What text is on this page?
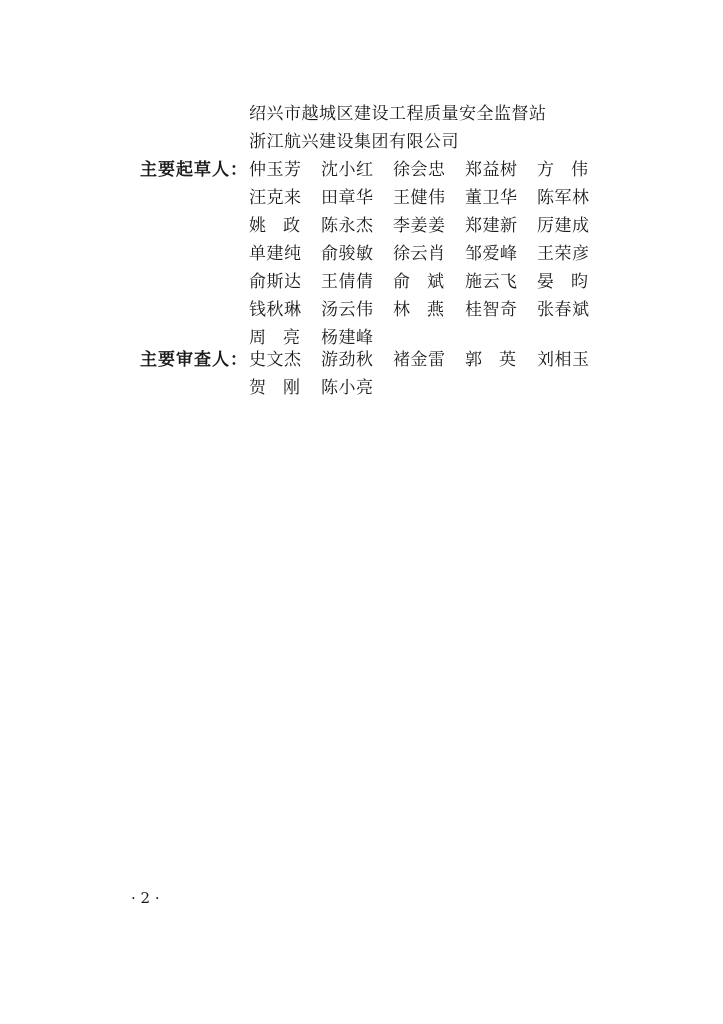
绍兴市越城区建设工程质量安全监督站
浙江航兴建设集团有限公司
主要起草人： 仲玉芳	沈小红	徐会忠	郑益树	方　伟
汪克来	田章华	王健伟	董卫华	陈军林
姚　政	陈永杰	李姜姜	郑建新	厉建成
单建纯	俞骏敏	徐云肖	邹爱峰	王荣彦
俞斯达	王倩倩	俞　斌	施云飞	晏　昀
钱秋琳	汤云伟	林　燕	桂智奇	张春斌
周　亮	杨建峰
主要审查人： 史文杰	游劲秋	褚金雷	郭　英	刘相玉
贺　刚	陈小亮
· 2 ·
